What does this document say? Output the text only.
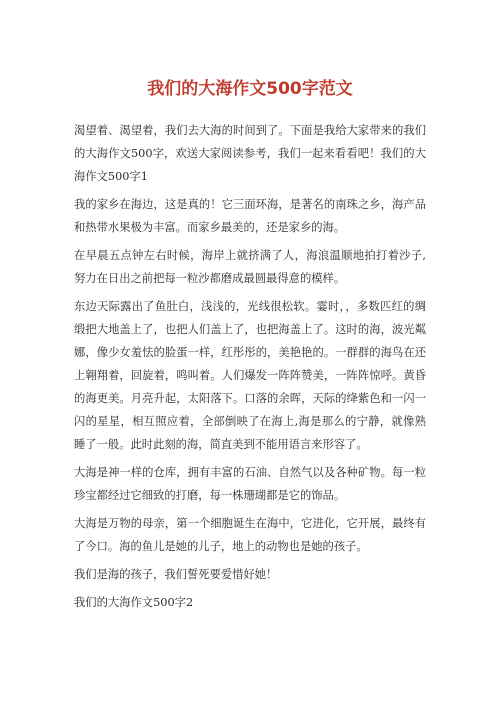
我们的大海作文500字范文

渴望着、渴望着，我们去大海的时间到了。下面是我给大家带来的我们的大海作文500字，欢送大家阅读参考，我们一起来看看吧！我们的大海作文500字1

我的家乡在海边，这是真的！它三面环海，是著名的南珠之乡，海产品和热带水果极为丰富。而家乡最美的，还是家乡的海。

在早晨五点钟左右时候，海岸上就挤满了人，海浪温顺地拍打着沙子,努力在日出之前把每一粒沙都磨成最圆最得意的模样。

东边天际露出了鱼肚白，浅浅的，光线很松软。霎时，，多数匹红的绸缎把大地盖上了，也把人们盖上了，也把海盖上了。这时的海，波光粼娜，像少女羞怯的脸蛋一样，红彤彤的，美艳艳的。一群群的海鸟在还上翱翔着，回旋着，鸣叫着。人们爆发一阵阵赞美，一阵阵惊呼。黄昏的海更美。月亮升起，太阳落下。口落的余晖，天际的绛紫色和一闪一闪的星星，相互照应着，全部倒映了在海上,海是那么的宁静，就像熟睡了一般。此时此刻的海，简直美到不能用语言来形容了。

大海是神一样的仓库，拥有丰富的石油、自然气以及各种矿物。每一粒珍宝都经过它细致的打磨，每一株珊瑚都是它的饰品。

大海是万物的母亲，第一个细胞诞生在海中，它进化，它开展，最终有了今口。海的鱼儿是她的儿子，地上的动物也是她的孩子。

我们是海的孩子，我们誓死要爱惜好她！

我们的大海作文500字2
